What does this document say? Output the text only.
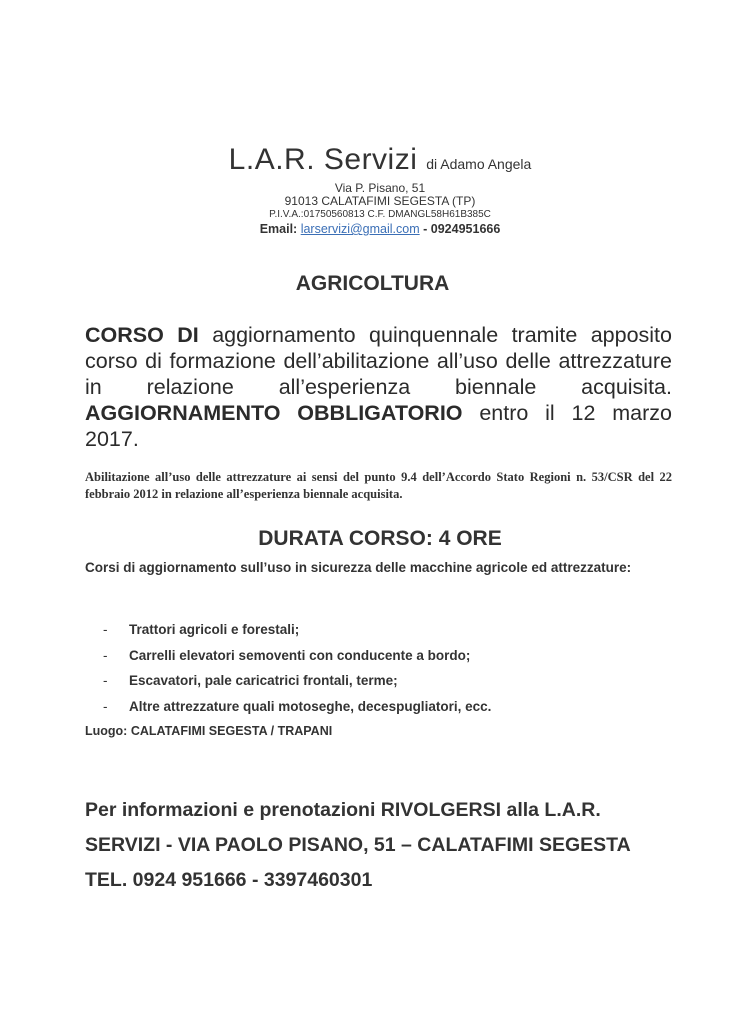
L.A.R. Servizi di Adamo Angela
Via P. Pisano, 51
91013 CALATAFIMI SEGESTA (TP)
P.I.V.A.:01750560813 C.F. DMANGL58H61B385C
Email: larservizi@gmail.com - 0924951666
AGRICOLTURA
CORSO DI aggiornamento quinquennale tramite apposito corso di formazione dell’abilitazione all’uso delle attrezzature in relazione all’esperienza biennale acquisita. AGGIORNAMENTO OBBLIGATORIO entro il 12 marzo 2017.
Abilitazione all’uso delle attrezzature ai sensi del punto 9.4 dell’Accordo Stato Regioni n. 53/CSR del 22 febbraio 2012 in relazione all’esperienza biennale acquisita.
DURATA CORSO: 4 ORE
Corsi di aggiornamento sull’uso in sicurezza delle macchine agricole ed attrezzature:
- Trattori agricoli e forestali;
- Carrelli elevatori semoventi con conducente a bordo;
- Escavatori, pale caricatrici frontali, terme;
- Altre attrezzature quali motoseghe, decespugliatori, ecc.
Luogo: CALATAFIMI SEGESTA / TRAPANI
Per informazioni e prenotazioni RIVOLGERSI alla L.A.R.
SERVIZI - VIA PAOLO PISANO, 51 – CALATAFIMI SEGESTA
TEL. 0924 951666 - 3397460301
